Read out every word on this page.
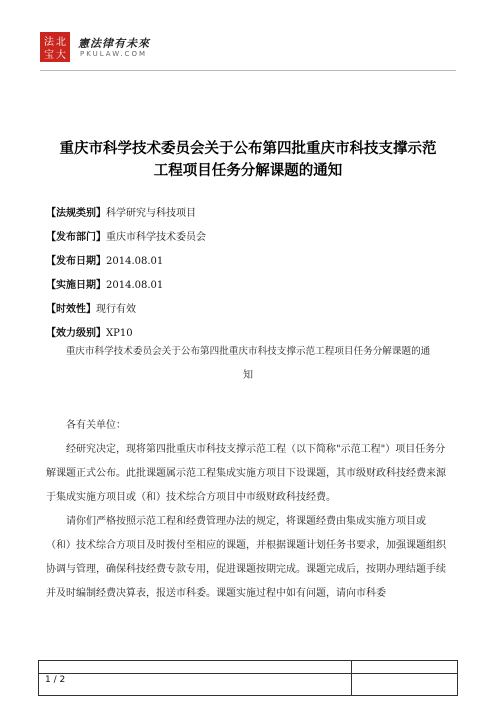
法 北
宝 大
憲法律有未來
PKULAW.COM
重庆市科学技术委员会关于公布第四批重庆市科技支撑示范
工程项目任务分解课题的通知
【法规类别】科学研究与科技项目
【发布部门】重庆市科学技术委员会
【发布日期】2014.08.01
【实施日期】2014.08.01
【时效性】现行有效
【效力级别】XP10
重庆市科学技术委员会关于公布第四批重庆市科技支撑示范工程项目任务分解课题的通
知

各有关单位：

经研究决定，现将第四批重庆市科技支撑示范工程（以下简称"示范工程"）项目任务分解课题正式公布。此批课题属示范工程集成实施方项目下设课题，其市级财政科技经费来源于集成实施方项目或（和）技术综合方项目中市级财政科技经费。

请你们严格按照示范工程和经费管理办法的规定，将课题经费由集成实施方项目或（和）技术综合方项目及时拨付至相应的课题，并根据课题计划任务书要求，加强课题组织协调与管理，确保科技经费专款专用，促进课题按期完成。课题完成后，按期办理结题手续并及时编制经费决算表，报送市科委。课题实施过程中如有问题，请向市科委

1 / 2
